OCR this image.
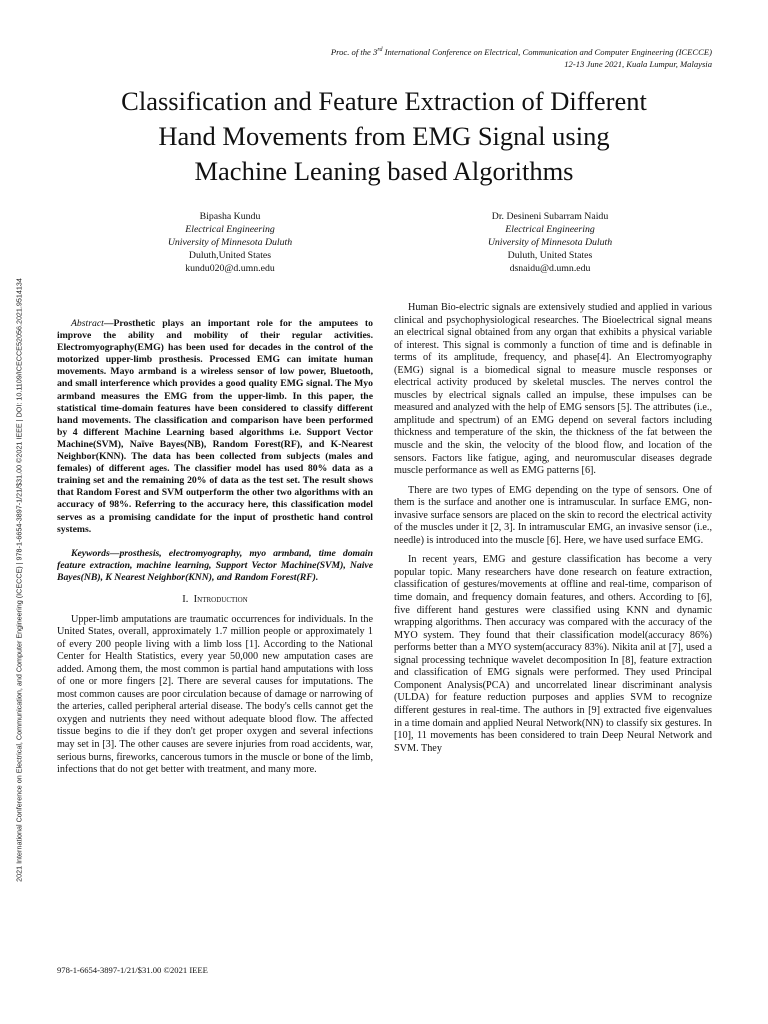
2021 International Conference on Electrical, Communication, and Computer Engineering (ICECCE) | 978-1-6654-3897-1/21/$31.00 ©2021 IEEE | DOI: 10.1109/ICECCE52056.2021.9514134
Proc. of the 3rd International Conference on Electrical, Communication and Computer Engineering (ICECCE)
12-13 June 2021, Kuala Lumpur, Malaysia
Classification and Feature Extraction of Different
Hand Movements from EMG Signal using
Machine Leaning based Algorithms
Bipasha Kundu
Electrical Engineering
University of Minnesota Duluth
Duluth,United States
kundu020@d.umn.edu
Dr. Desineni Subarram Naidu
Electrical Engineering
University of Minnesota Duluth
Duluth, United States
dsnaidu@d.umn.edu

Abstract—Prosthetic plays an important role for the amputees to improve the ability and mobility of their regular activities. Electromyography(EMG) has been used for decades in the control of the motorized upper-limb prosthesis. Processed EMG can imitate human movements. Mayo armband is a wireless sensor of low power, Bluetooth, and small interference which provides a good quality EMG signal. The Myo armband measures the EMG from the upper-limb. In this paper, the statistical time-domain features have been considered to classify different hand movements. The classification and comparison have been performed by 4 different Machine Learning based algorithms i.e. Support Vector Machine(SVM), Naïve Bayes(NB), Random Forest(RF), and K-Nearest Neighbor(KNN). The data has been collected from subjects (males and females) of different ages. The classifier model has used 80% data as a training set and the remaining 20% of data as the test set. The result shows that Random Forest and SVM outperform the other two algorithms with an accuracy of 98%. Referring to the accuracy here, this classification model serves as a promising candidate for the input of prosthetic hand control systems.

Keywords—prosthesis, electromyography, myo armband, time domain feature extraction, machine learning, Support Vector Machine(SVM), Naive Bayes(NB), K Nearest Neighbor(KNN), and Random Forest(RF).

I. Introduction

Upper-limb amputations are traumatic occurrences for individuals. In the United States, overall, approximately 1.7 million people or approximately 1 of every 200 people living with a limb loss [1]. According to the National Center for Health Statistics, every year 50,000 new amputation cases are added. Among them, the most common is partial hand amputations with loss of one or more fingers [2]. There are several causes for imputations. The most common causes are poor circulation because of damage or narrowing of the arteries, called peripheral arterial disease. The body's cells cannot get the oxygen and nutrients they need without adequate blood flow. The affected tissue begins to die if they don't get proper oxygen and several infections may set in [3]. The other causes are severe injuries from road accidents, war, serious burns, fireworks, cancerous tumors in the muscle or bone of the limb, infections that do not get better with treatment, and many more.

Human Bio-electric signals are extensively studied and applied in various clinical and psychophysiological researches. The Bioelectrical signal means an electrical signal obtained from any organ that exhibits a physical variable of interest. This signal is commonly a function of time and is definable in terms of its amplitude, frequency, and phase[4]. An Electromyography (EMG) signal is a biomedical signal to measure muscle responses or electrical activity produced by skeletal muscles. The nerves control the muscles by electrical signals called an impulse, these impulses can be measured and analyzed with the help of EMG sensors [5]. The attributes (i.e., amplitude and spectrum) of an EMG depend on several factors including thickness and temperature of the skin, the thickness of the fat between the muscle and the skin, the velocity of the blood flow, and location of the sensors. Factors like fatigue, aging, and neuromuscular diseases degrade muscle performance as well as EMG patterns [6].

There are two types of EMG depending on the type of sensors. One of them is the surface and another one is intramuscular. In surface EMG, non-invasive surface sensors are placed on the skin to record the electrical activity of the muscles under it [2, 3]. In intramuscular EMG, an invasive sensor (i.e., needle) is introduced into the muscle [6]. Here, we have used surface EMG.

In recent years, EMG and gesture classification has become a very popular topic. Many researchers have done research on feature extraction, classification of gestures/movements at offline and real-time, comparison of time domain, and frequency domain features, and others. According to [6], five different hand gestures were classified using KNN and dynamic wrapping algorithms. Then accuracy was compared with the accuracy of the MYO system. They found that their classification model(accuracy 86%) performs better than a MYO system(accuracy 83%). Nikita anil at [7], used a signal processing technique wavelet decomposition In [8], feature extraction and classification of EMG signals were performed. They used Principal Component Analysis(PCA) and uncorrelated linear discriminant analysis (ULDA) for feature reduction purposes and applies SVM to recognize different gestures in real-time. The authors in [9] extracted five eigenvalues in a time domain and applied Neural Network(NN) to classify six gestures. In [10], 11 movements has been considered to train Deep Neural Network and SVM. They

978-1-6654-3897-1/21/$31.00 ©2021 IEEE
